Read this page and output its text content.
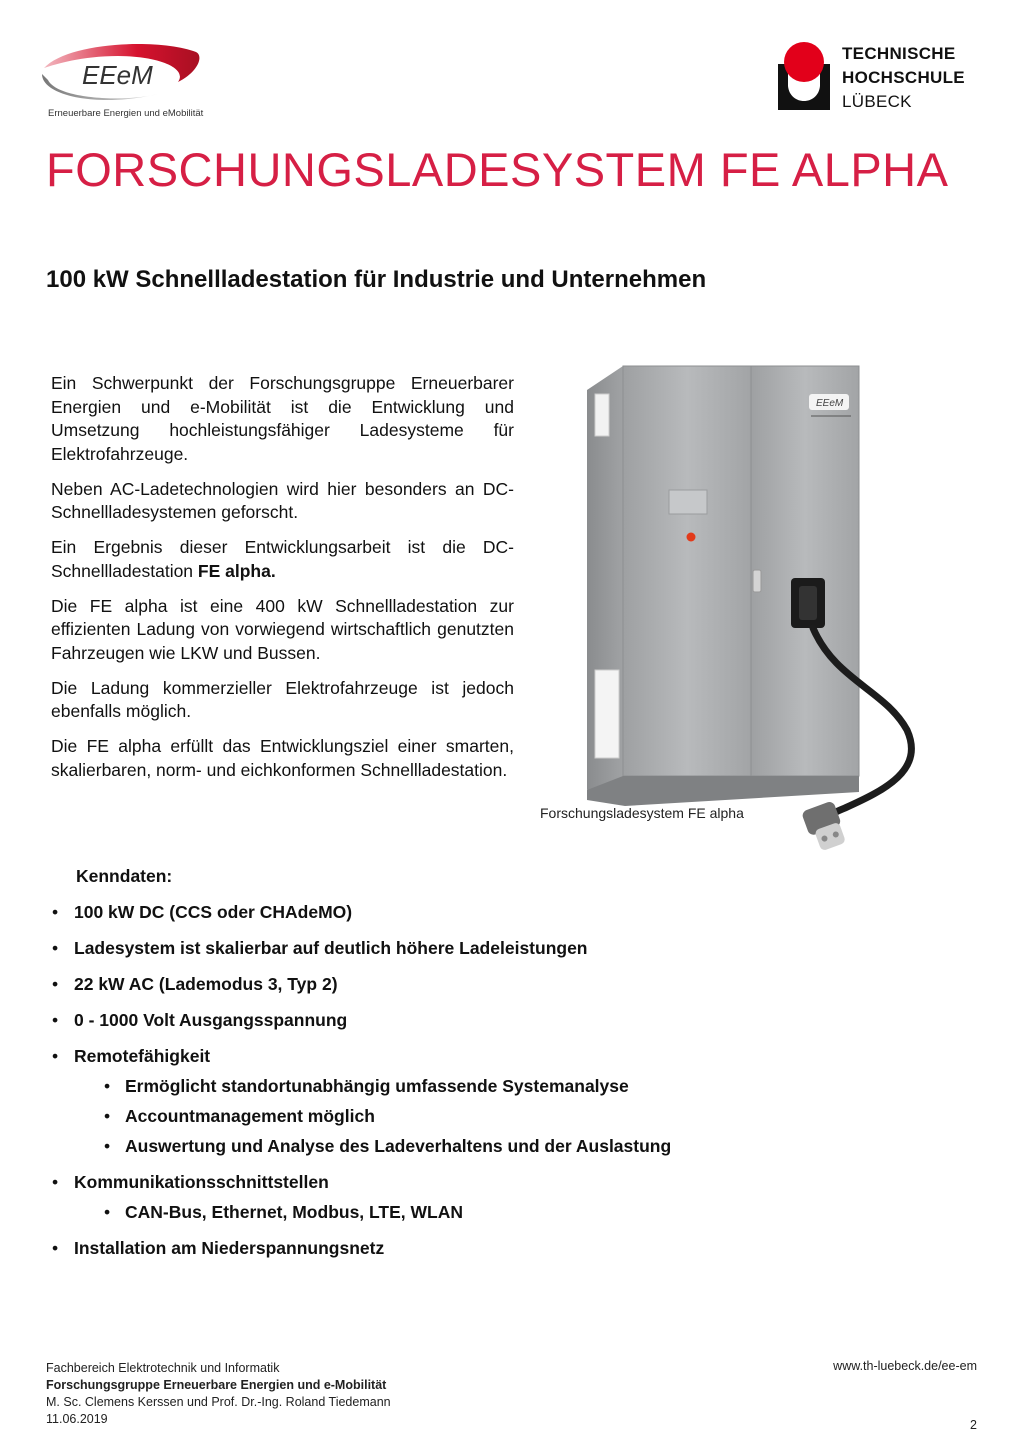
EEeM
Erneuerbare Energien und eMobilität
TECHNISCHE
HOCHSCHULE
LÜBECK
FORSCHUNGSLADESYSTEM FE ALPHA
100 kW Schnellladestation für Industrie und Unternehmen

Ein Schwerpunkt der Forschungsgruppe Erneuerbarer Energien und e-Mobilität ist die Entwicklung und Umsetzung hochleistungsfähiger Ladesysteme für Elektrofahrzeuge.

Neben AC-Ladetechnologien wird hier besonders an DC-Schnellladesystemen geforscht.

Ein Ergebnis dieser Entwicklungsarbeit ist die DC-Schnellladestation FE alpha.

Die FE alpha ist eine 400 kW Schnellladestation zur effizienten Ladung von vorwiegend wirtschaftlich genutzten Fahrzeugen wie LKW und Bussen.

Die Ladung kommerzieller Elektrofahrzeuge ist jedoch ebenfalls möglich.

Die FE alpha erfüllt das Entwicklungsziel einer smarten, skalierbaren, norm- und eichkonformen Schnellladestation.

EEeM
Forschungsladesystem FE alpha
Kenndaten:
• 100 kW DC (CCS oder CHAdeMO)
• Ladesystem ist skalierbar auf deutlich höhere Ladeleistungen
• 22 kW AC (Lademodus 3, Typ 2)
• 0 - 1000 Volt Ausgangsspannung
• Remotefähigkeit
• Ermöglicht standortunabhängig umfassende Systemanalyse
• Accountmanagement möglich
• Auswertung und Analyse des Ladeverhaltens und der Auslastung
• Kommunikationsschnittstellen
• CAN-Bus, Ethernet, Modbus, LTE, WLAN
• Installation am Niederspannungsnetz
Fachbereich Elektrotechnik und Informatik
Forschungsgruppe Erneuerbare Energien und e-Mobilität
M. Sc. Clemens Kerssen und Prof. Dr.-Ing. Roland Tiedemann
11.06.2019
www.th-luebeck.de/ee-em
2
